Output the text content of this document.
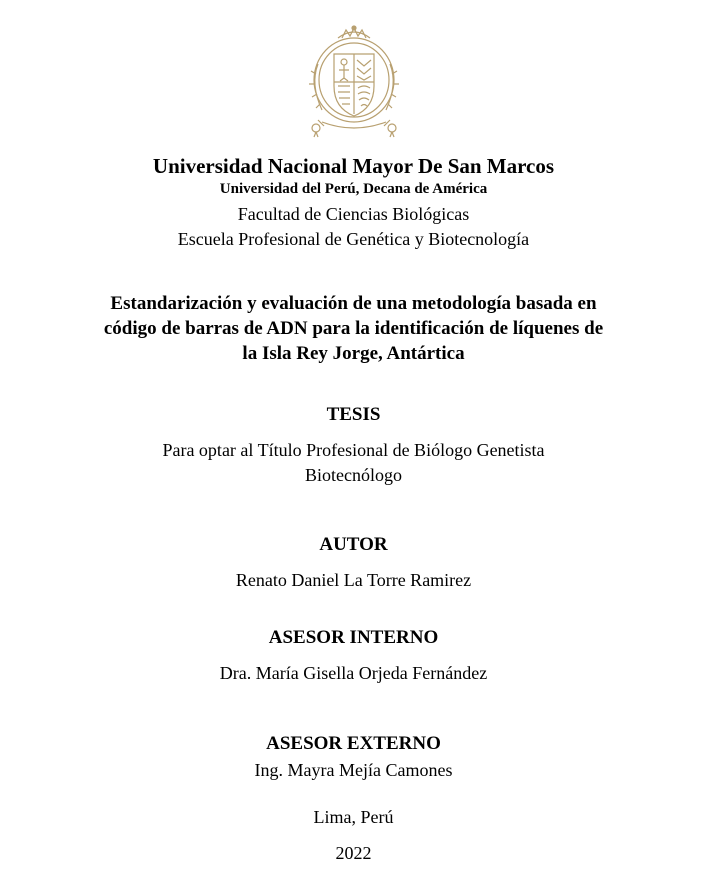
Universidad Nacional Mayor De San Marcos
Universidad del Perú, Decana de América
Facultad de Ciencias Biológicas
Escuela Profesional de Genética y Biotecnología
Estandarización y evaluación de una metodología basada en
código de barras de ADN para la identificación de líquenes de
la Isla Rey Jorge, Antártica
TESIS
Para optar al Título Profesional de Biólogo Genetista
Biotecnólogo
AUTOR
Renato Daniel La Torre Ramirez
ASESOR INTERNO
Dra. María Gisella Orjeda Fernández
ASESOR EXTERNO
Ing. Mayra Mejía Camones
Lima, Perú
2022
